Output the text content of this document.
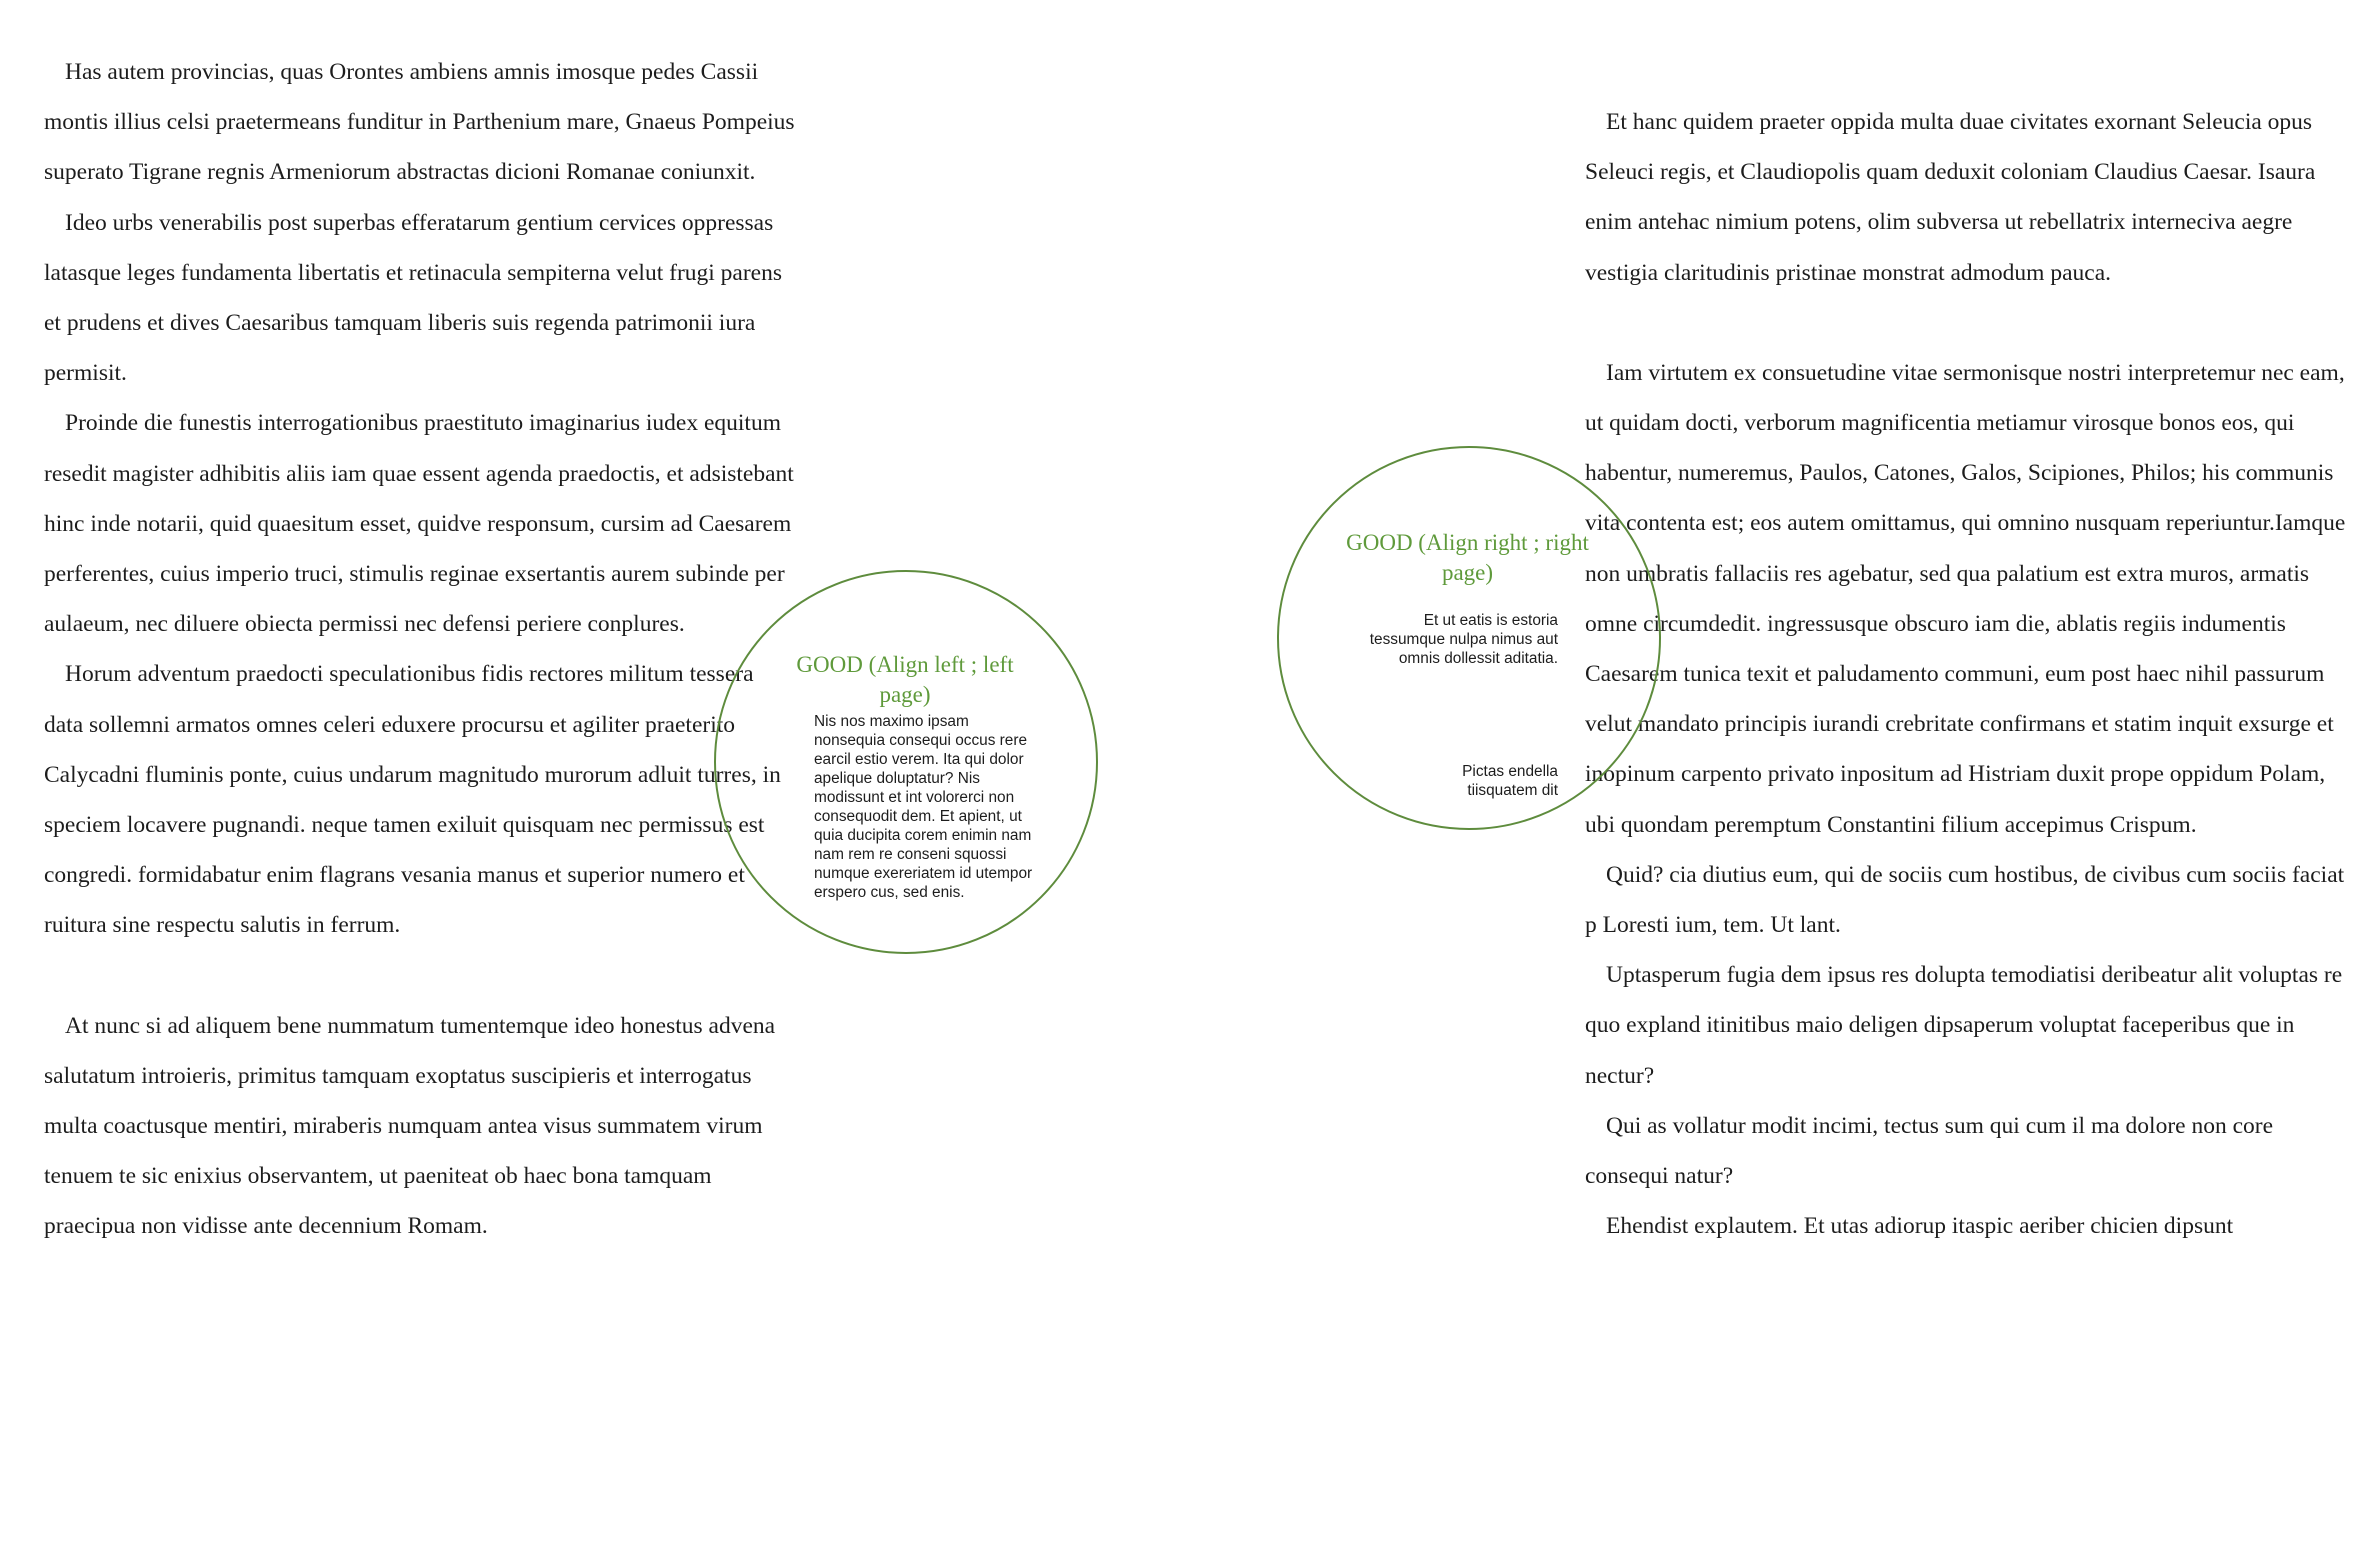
Has autem provincias, quas Orontes ambiens amnis imosque pedes Cassii montis illius celsi praetermeans funditur in Parthenium mare, Gnaeus Pompeius superato Tigrane regnis Armeniorum abstractas dicioni Romanae coniunxit.

Ideo urbs venerabilis post superbas efferatarum gentium cervices oppressas latasque leges fundamenta libertatis et retinacula sempiterna velut frugi parens et prudens et dives Caesaribus tamquam liberis suis regenda patrimonii iura permisit.

Proinde die funestis interrogationibus praestituto imaginarius iudex equitum resedit magister adhibitis aliis iam quae essent agenda praedoctis, et adsistebant hinc inde notarii, quid quaesitum esset, quidve responsum, cursim ad Caesarem perferentes, cuius imperio truci, stimulis reginae exsertantis aurem subinde per aulaeum, nec diluere obiecta permissi nec defensi periere conplures.

Horum adventum praedocti speculationibus fidis rectores militum tessera data sollemni armatos omnes celeri eduxere procursu et agiliter praeterito Calycadni fluminis ponte, cuius undarum magnitudo murorum adluit turres, in speciem locavere pugnandi. neque tamen exiluit quisquam nec permissus est congredi. formidabatur enim flagrans vesania manus et superior numero et ruitura sine respectu salutis in ferrum.

At nunc si ad aliquem bene nummatum tumentemque ideo honestus advena salutatum introieris, primitus tamquam exoptatus suscipieris et interrogatus multa coactusque mentiri, miraberis numquam antea visus summatem virum tenuem te sic enixius observantem, ut paeniteat ob haec bona tamquam praecipua non vidisse ante decennium Romam.

Et hanc quidem praeter oppida multa duae civitates exornant Seleucia opus Seleuci regis, et Claudiopolis quam deduxit coloniam Claudius Caesar. Isaura enim antehac nimium potens, olim subversa ut rebellatrix interneciva aegre vestigia claritudinis pristinae monstrat admodum pauca.

Iam virtutem ex consuetudine vitae sermonisque nostri interpretemur nec eam, ut quidam docti, verborum magnificentia metiamur virosque bonos eos, qui habentur, numeremus, Paulos, Catones, Galos, Scipiones, Philos; his communis vita contenta est; eos autem omittamus, qui omnino nusquam reperiuntur.Iamque non umbratis fallaciis res agebatur, sed qua palatium est extra muros, armatis omne circumdedit. ingressusque obscuro iam die, ablatis regiis indumentis Caesarem tunica texit et paludamento communi, eum post haec nihil passurum velut mandato principis iurandi crebritate confirmans et statim inquit exsurge et inopinum carpento privato inpositum ad Histriam duxit prope oppidum Polam, ubi quondam peremptum Constantini filium accepimus Crispum.

Quid? cia diutius eum, qui de sociis cum hostibus, de civibus cum sociis faciat p Loresti ium, tem. Ut lant.

Uptasperum fugia dem ipsus res dolupta temodiatisi deribeatur alit voluptas re quo expland itinitibus maio deligen dipsaperum voluptat faceperibus que in nectur?

Qui as vollatur modit incimi, tectus sum qui cum il ma dolore non core consequi natur?

Ehendist explautem. Et utas adiorup itaspic aeriber chicien dipsunt

GOOD (Align left ; left page)

Nis nos maximo ipsam nonsequia consequi occus rere earcil estio verem. Ita qui dolor apelique doluptatur? Nis modissunt et int volorerci non consequodit dem. Et apient, ut quia ducipita corem enimin nam nam rem re conseni squossi numque exereriatem id utempor erspero cus, sed enis.

GOOD (Align right ; right page)

Et ut eatis is estoria tessumque nulpa nimus aut omnis dollessit aditatia.

Pictas endella tiisquatem dit
